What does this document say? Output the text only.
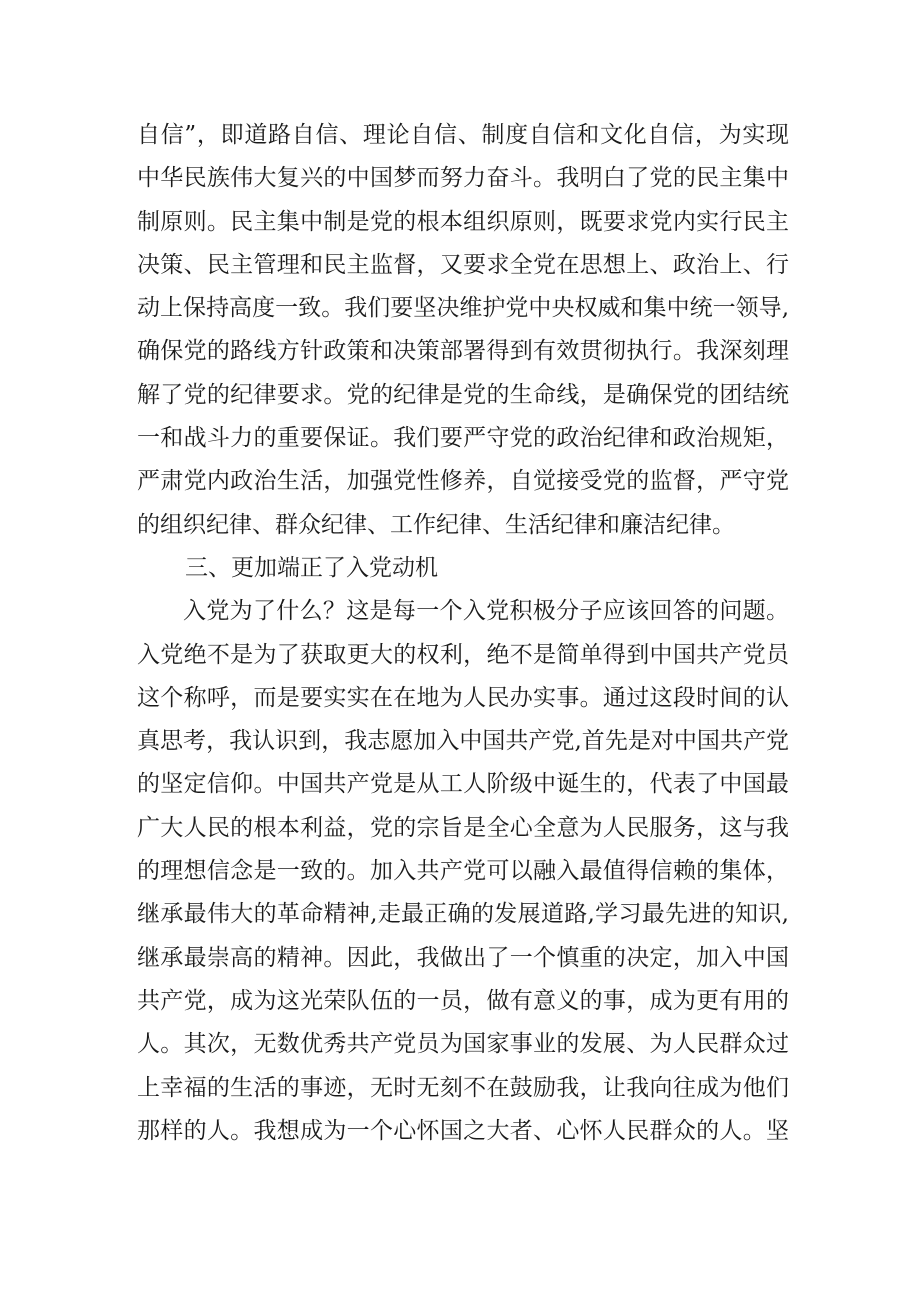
自信”，即道路自信、理论自信、制度自信和文化自信，为实现
中华民族伟大复兴的中国梦而努力奋斗。我明白了党的民主集中
制原则。民主集中制是党的根本组织原则，既要求党内实行民主
决策、民主管理和民主监督，又要求全党在思想上、政治上、行
动上保持高度一致。我们要坚决维护党中央权威和集中统一领导,
确保党的路线方针政策和决策部署得到有效贯彻执行。我深刻理
解了党的纪律要求。党的纪律是党的生命线，是确保党的团结统
一和战斗力的重要保证。我们要严守党的政治纪律和政治规矩，
严肃党内政治生活，加强党性修养，自觉接受党的监督，严守党
的组织纪律、群众纪律、工作纪律、生活纪律和廉洁纪律。
三、更加端正了入党动机
入党为了什么？这是每一个入党积极分子应该回答的问题。
入党绝不是为了获取更大的权利，绝不是简单得到中国共产党员
这个称呼，而是要实实在在地为人民办实事。通过这段时间的认
真思考，我认识到，我志愿加入中国共产党,首先是对中国共产党
的坚定信仰。中国共产党是从工人阶级中诞生的，代表了中国最
广大人民的根本利益，党的宗旨是全心全意为人民服务，这与我
的理想信念是一致的。加入共产党可以融入最值得信赖的集体，
继承最伟大的革命精神,走最正确的发展道路,学习最先进的知识,
继承最崇高的精神。因此，我做出了一个慎重的决定，加入中国
共产党，成为这光荣队伍的一员，做有意义的事，成为更有用的
人。其次，无数优秀共产党员为国家事业的发展、为人民群众过
上幸福的生活的事迹，无时无刻不在鼓励我，让我向往成为他们
那样的人。我想成为一个心怀国之大者、心怀人民群众的人。坚
